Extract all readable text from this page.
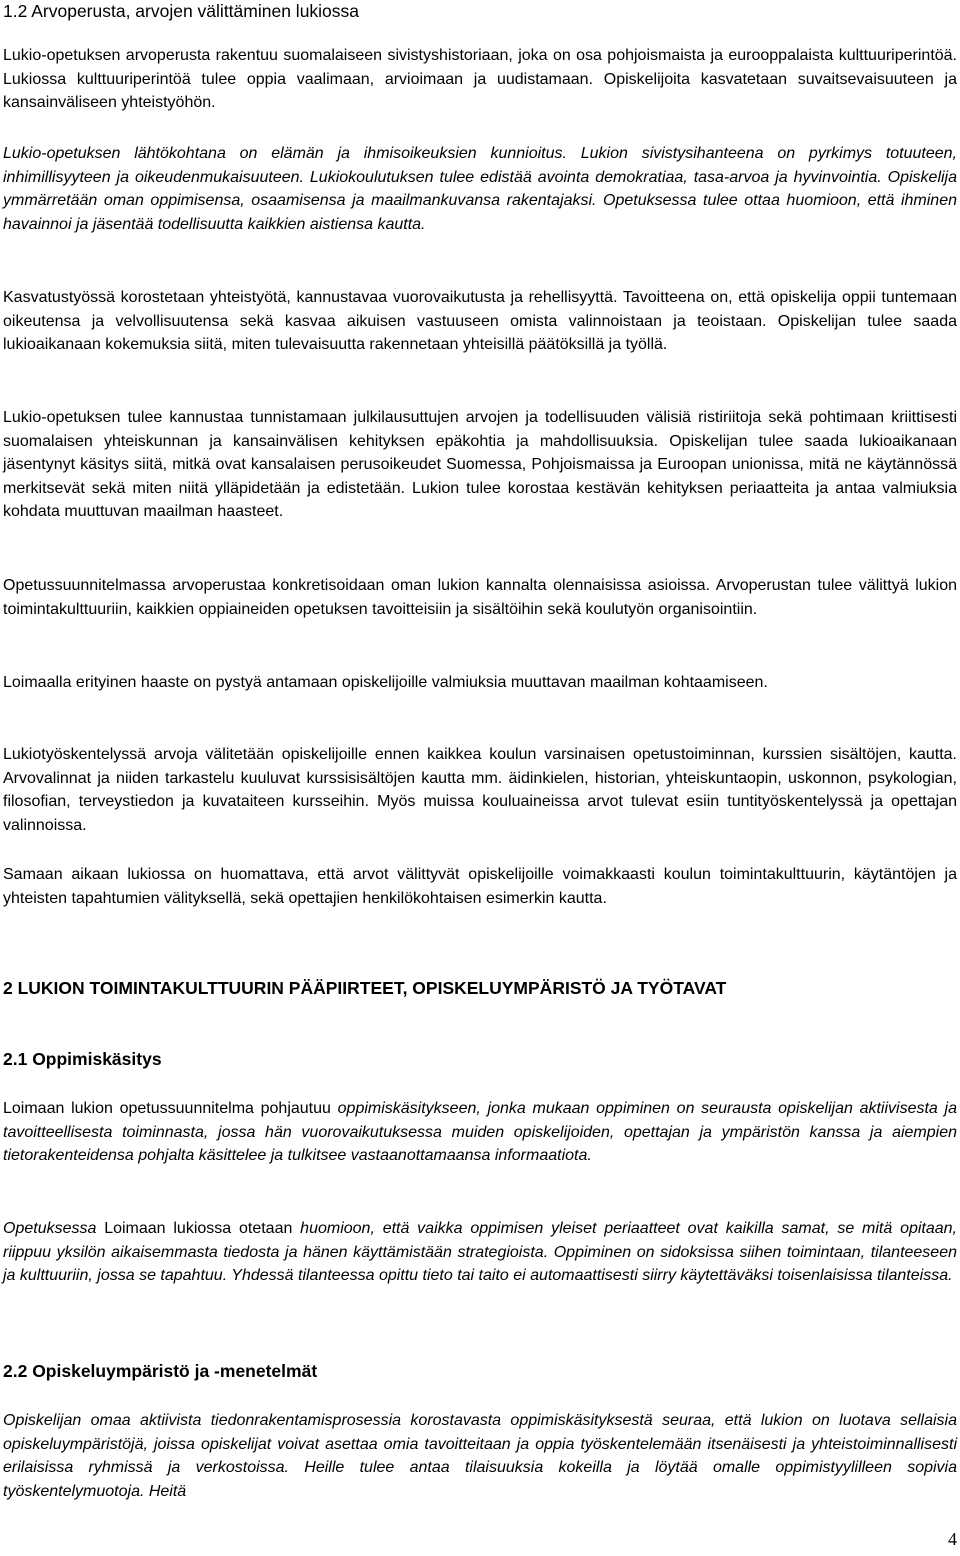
1.2 Arvoperusta, arvojen välittäminen lukiossa

Lukio-opetuksen arvoperusta rakentuu suomalaiseen sivistyshistoriaan, joka on osa pohjoismaista ja eurooppalaista kulttuuriperintöä. Lukiossa kulttuuriperintöä tulee oppia vaalimaan, arvioimaan ja uudistamaan. Opiskelijoita kasvatetaan suvaitsevaisuuteen ja kansainväliseen yhteistyöhön.

Lukio-opetuksen lähtökohtana on elämän ja ihmisoikeuksien kunnioitus. Lukion sivistysihanteena on pyrkimys totuuteen, inhimillisyyteen ja oikeudenmukaisuuteen. Lukiokoulutuksen tulee edistää avointa demokratiaa, tasa-arvoa ja hyvinvointia. Opiskelija ymmärretään oman oppimisensa, osaamisensa ja maailmankuvansa rakentajaksi. Opetuksessa tulee ottaa huomioon, että ihminen havainnoi ja jäsentää todellisuutta kaikkien aistiensa kautta.

Kasvatustyössä korostetaan yhteistyötä, kannustavaa vuorovaikutusta ja rehellisyyttä. Tavoitteena on, että opiskelija oppii tuntemaan oikeutensa ja velvollisuutensa sekä kasvaa aikuisen vastuuseen omista valinnoistaan ja teoistaan. Opiskelijan tulee saada lukioaikanaan kokemuksia siitä, miten tulevaisuutta rakennetaan yhteisillä päätöksillä ja työllä.

Lukio-opetuksen tulee kannustaa tunnistamaan julkilausuttujen arvojen ja todellisuuden välisiä ristiriitoja sekä pohtimaan kriittisesti suomalaisen yhteiskunnan ja kansainvälisen kehityksen epäkohtia ja mahdollisuuksia. Opiskelijan tulee saada lukioaikanaan jäsentynyt käsitys siitä, mitkä ovat kansalaisen perusoikeudet Suomessa, Pohjoismaissa ja Euroopan unionissa, mitä ne käytännössä merkitsevät sekä miten niitä ylläpidetään ja edistetään. Lukion tulee korostaa kestävän kehityksen periaatteita ja antaa valmiuksia kohdata muuttuvan maailman haasteet.

Opetussuunnitelmassa arvoperustaa konkretisoidaan oman lukion kannalta olennaisissa asioissa. Arvoperustan tulee välittyä lukion toimintakulttuuriin, kaikkien oppiaineiden opetuksen tavoitteisiin ja sisältöihin sekä koulutyön organisointiin.

Loimaalla erityinen haaste on pystyä antamaan opiskelijoille valmiuksia muuttavan maailman kohtaamiseen.

Lukiotyöskentelyssä arvoja välitetään opiskelijoille ennen kaikkea koulun varsinaisen opetustoiminnan, kurssien sisältöjen, kautta. Arvovalinnat ja niiden tarkastelu kuuluvat kurssisisältöjen kautta mm. äidinkielen, historian, yhteiskuntaopin, uskonnon, psykologian, filosofian, terveystiedon ja kuvataiteen kursseihin. Myös muissa kouluaineissa arvot tulevat esiin tuntityöskentelyssä ja opettajan valinnoissa.

Samaan aikaan lukiossa on huomattava, että arvot välittyvät opiskelijoille voimakkaasti koulun toimintakulttuurin, käytäntöjen ja yhteisten tapahtumien välityksellä, sekä opettajien henkilökohtaisen esimerkin kautta.

2 LUKION TOIMINTAKULTTUURIN PÄÄPIIRTEET, OPISKELUYMPÄRISTÖ JA TYÖTAVAT
2.1 Oppimiskäsitys

Loimaan lukion opetussuunnitelma pohjautuu oppimiskäsitykseen, jonka mukaan oppiminen on seurausta opiskelijan aktiivisesta ja tavoitteellisesta toiminnasta, jossa hän vuorovaikutuksessa muiden opiskelijoiden, opettajan ja ympäristön kanssa ja aiempien tietorakenteidensa pohjalta käsittelee ja tulkitsee vastaanottamaansa informaatiota.

Opetuksessa Loimaan lukiossa otetaan huomioon, että vaikka oppimisen yleiset periaatteet ovat kaikilla samat, se mitä opitaan, riippuu yksilön aikaisemmasta tiedosta ja hänen käyttämistään strategioista. Oppiminen on sidoksissa siihen toimintaan, tilanteeseen ja kulttuuriin, jossa se tapahtuu. Yhdessä tilanteessa opittu tieto tai taito ei automaattisesti siirry käytettäväksi toisenlaisissa tilanteissa.

2.2 Opiskeluympäristö ja -menetelmät

Opiskelijan omaa aktiivista tiedonrakentamisprosessia korostavasta oppimiskäsityksestä seuraa, että lukion on luotava sellaisia opiskeluympäristöjä, joissa opiskelijat voivat asettaa omia tavoitteitaan ja oppia työskentelemään itsenäisesti ja yhteistoiminnallisesti erilaisissa ryhmissä ja verkostoissa. Heille tulee antaa tilaisuuksia kokeilla ja löytää omalle oppimistyylilleen sopivia työskentelymuotoja. Heitä

4
